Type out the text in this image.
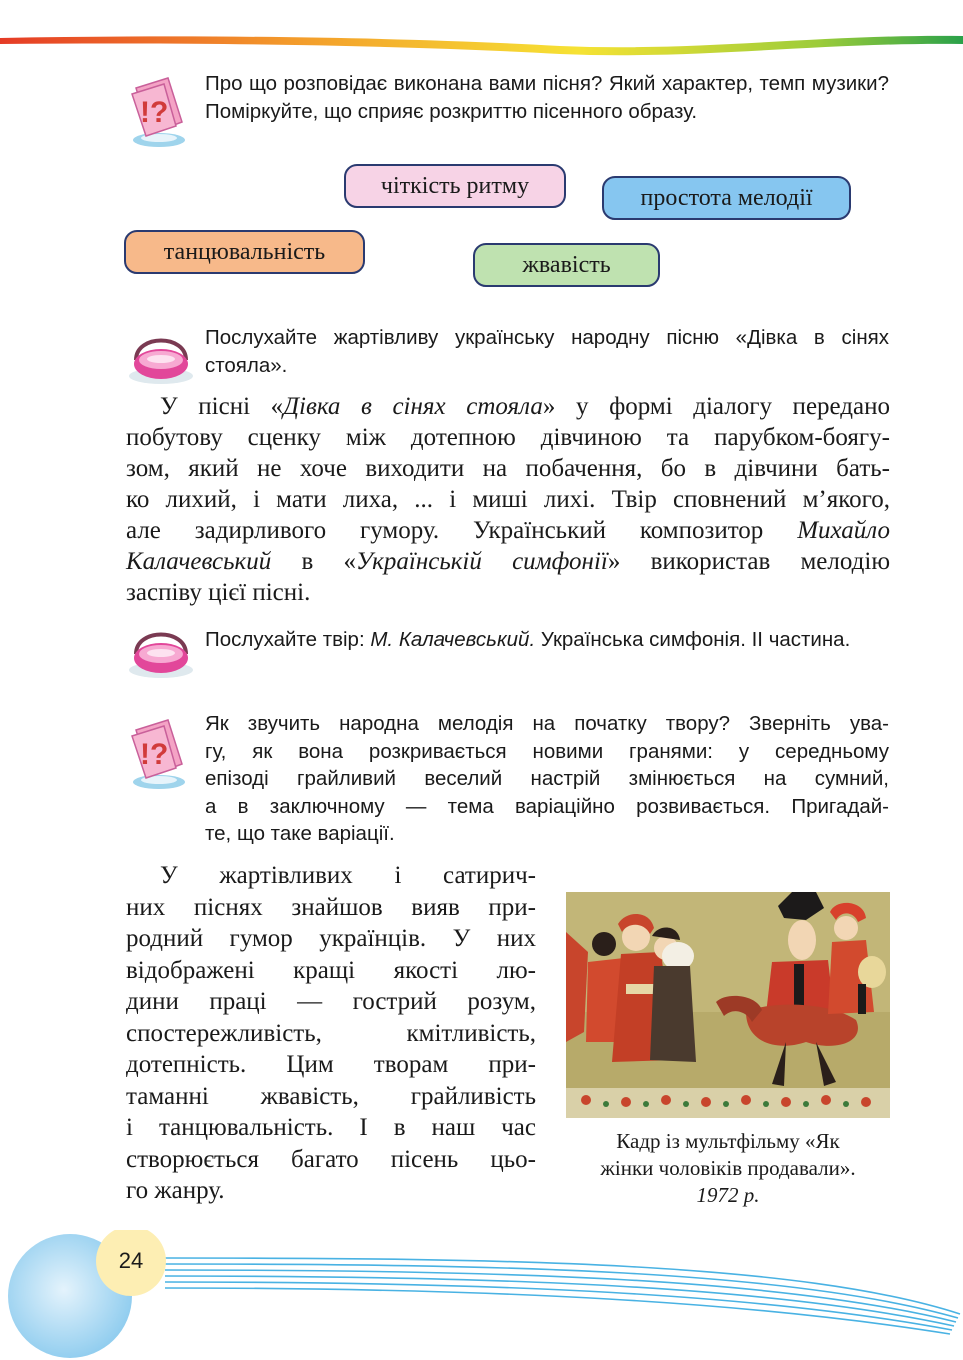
!?
Про що розповідає виконана вами пісня? Який характер, темп музики? Поміркуйте, що сприяє розкриттю пісенного образу.
чіткість ритму	простота мелодії
танцювальність	жвавість
Послухайте жартівливу українську народну пісню «Дівка в сінях стояла».
У пісні «Дівка в сінях стояла» у формі діалогу передано
побутову сценку між дотепною дівчиною та парубком-боягу-
зом, який не хоче виходити на побачення, бо в дівчини бать-
ко лихий, і мати лиха, ... і миші лихі. Твір сповнений м’якого,
але задирливого гумору. Український композитор Михайло
Калачевський в «Українській симфонії» використав мелодію
заспіву цієї пісні.
Послухайте твір: М. Калачевський. Українська симфонія. ІІ частина.
!?
Як звучить народна мелодія на початку твору? Зверніть ува-
гу, як вона розкривається новими гранями: у середньому
епізоді грайливий веселий настрій змінюється на сумний,
а в заключному — тема варіаційно розвивається. Пригадай-
те, що таке варіації.
У жартівливих і сатирич-
них піснях знайшов вияв при-
родний гумор українців. У них
відображені кращі якості лю-
дини праці — гострий розум,
спостережливість, кмітливість,
дотепність. Цим творам при-
таманні жвавість, грайливість
і танцювальність. І в наш час
створюється багато пісень цьо-
го жанру.
Кадр із мультфільму «Як
жінки чоловіків продавали».
1972 р.
24
